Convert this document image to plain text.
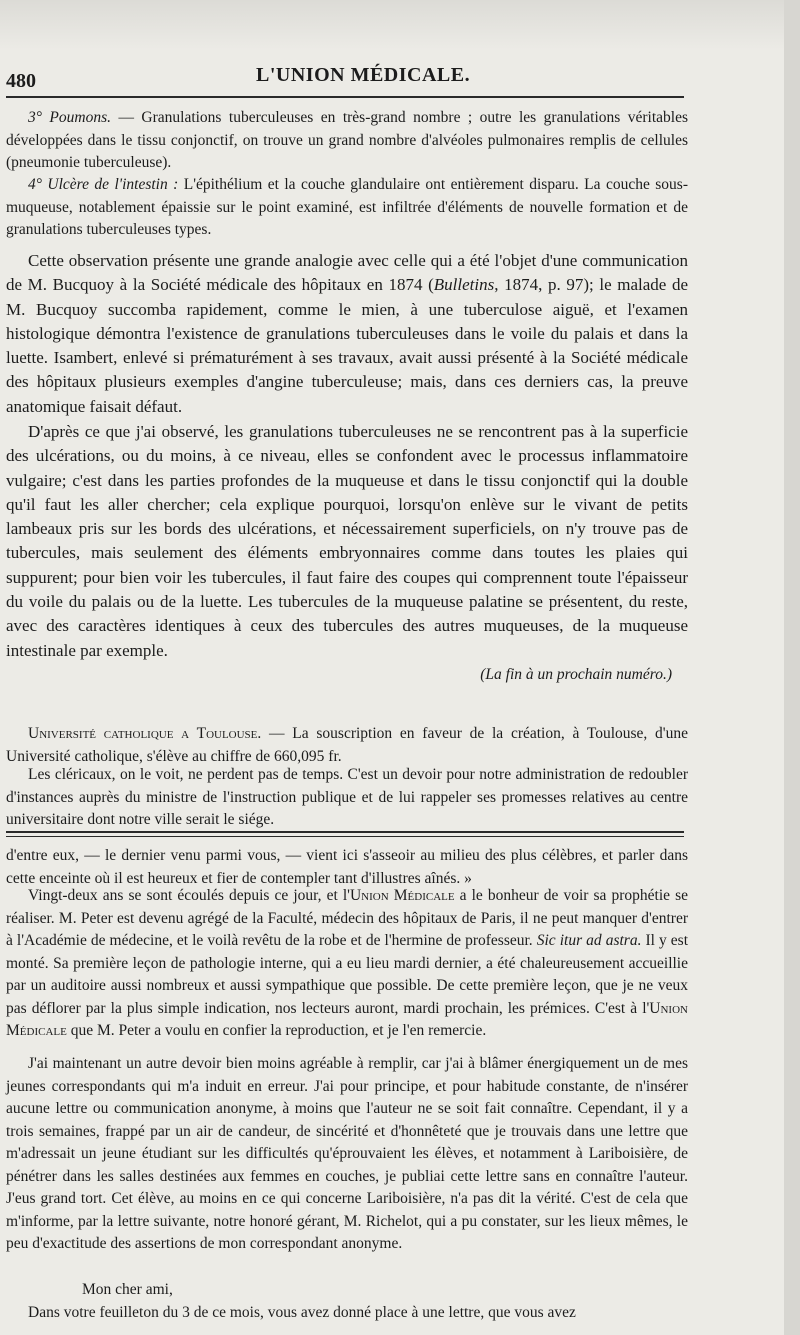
480	L'UNION MÉDICALE.

3° Poumons. — Granulations tuberculeuses en très-grand nombre ; outre les granulations véritables développées dans le tissu conjonctif, on trouve un grand nombre d'alvéoles pulmonaires remplis de cellules (pneumonie tuberculeuse).

4° Ulcère de l'intestin : L'épithélium et la couche glandulaire ont entièrement disparu. La couche sous-muqueuse, notablement épaissie sur le point examiné, est infiltrée d'éléments de nouvelle formation et de granulations tuberculeuses types.

Cette observation présente une grande analogie avec celle qui a été l'objet d'une communication de M. Bucquoy à la Société médicale des hôpitaux en 1874 (Bulletins, 1874, p. 97); le malade de M. Bucquoy succomba rapidement, comme le mien, à une tuberculose aiguë, et l'examen histologique démontra l'existence de granulations tuberculeuses dans le voile du palais et dans la luette. Isambert, enlevé si prématurément à ses travaux, avait aussi présenté à la Société médicale des hôpitaux plusieurs exemples d'angine tuberculeuse; mais, dans ces derniers cas, la preuve anatomique faisait défaut.

D'après ce que j'ai observé, les granulations tuberculeuses ne se rencontrent pas à la superficie des ulcérations, ou du moins, à ce niveau, elles se confondent avec le processus inflammatoire vulgaire; c'est dans les parties profondes de la muqueuse et dans le tissu conjonctif qui la double qu'il faut les aller chercher; cela explique pourquoi, lorsqu'on enlève sur le vivant de petits lambeaux pris sur les bords des ulcérations, et nécessairement superficiels, on n'y trouve pas de tubercules, mais seulement des éléments embryonnaires comme dans toutes les plaies qui suppurent; pour bien voir les tubercules, il faut faire des coupes qui comprennent toute l'épaisseur du voile du palais ou de la luette. Les tubercules de la muqueuse palatine se présentent, du reste, avec des caractères identiques à ceux des tubercules des autres muqueuses, de la muqueuse intestinale par exemple.

(La fin à un prochain numéro.)

Université catholique a Toulouse. — La souscription en faveur de la création, à Toulouse, d'une Université catholique, s'élève au chiffre de 660,095 fr.

Les cléricaux, on le voit, ne perdent pas de temps. C'est un devoir pour notre administration de redoubler d'instances auprès du ministre de l'instruction publique et de lui rappeler ses promesses relatives au centre universitaire dont notre ville serait le siége.

d'entre eux, — le dernier venu parmi vous, — vient ici s'asseoir au milieu des plus célèbres, et parler dans cette enceinte où il est heureux et fier de contempler tant d'illustres aînés. »

Vingt-deux ans se sont écoulés depuis ce jour, et l'Union Médicale a le bonheur de voir sa prophétie se réaliser. M. Peter est devenu agrégé de la Faculté, médecin des hôpitaux de Paris, il ne peut manquer d'entrer à l'Académie de médecine, et le voilà revêtu de la robe et de l'hermine de professeur. Sic itur ad astra. Il y est monté. Sa première leçon de pathologie interne, qui a eu lieu mardi dernier, a été chaleureusement accueillie par un auditoire aussi nombreux et aussi sympathique que possible. De cette première leçon, que je ne veux pas déflorer par la plus simple indication, nos lecteurs auront, mardi prochain, les prémices. C'est à l'Union Médicale que M. Peter a voulu en confier la reproduction, et je l'en remercie.

J'ai maintenant un autre devoir bien moins agréable à remplir, car j'ai à blâmer énergiquement un de mes jeunes correspondants qui m'a induit en erreur. J'ai pour principe, et pour habitude constante, de n'insérer aucune lettre ou communication anonyme, à moins que l'auteur ne se soit fait connaître. Cependant, il y a trois semaines, frappé par un air de candeur, de sincérité et d'honnêteté que je trouvais dans une lettre que m'adressait un jeune étudiant sur les difficultés qu'éprouvaient les élèves, et notamment à Lariboisière, de pénétrer dans les salles destinées aux femmes en couches, je publiai cette lettre sans en connaître l'auteur. J'eus grand tort. Cet élève, au moins en ce qui concerne Lariboisière, n'a pas dit la vérité. C'est de cela que m'informe, par la lettre suivante, notre honoré gérant, M. Richelot, qui a pu constater, sur les lieux mêmes, le peu d'exactitude des assertions de mon correspondant anonyme.

Mon cher ami,

Dans votre feuilleton du 3 de ce mois, vous avez donné place à une lettre, que vous avez
